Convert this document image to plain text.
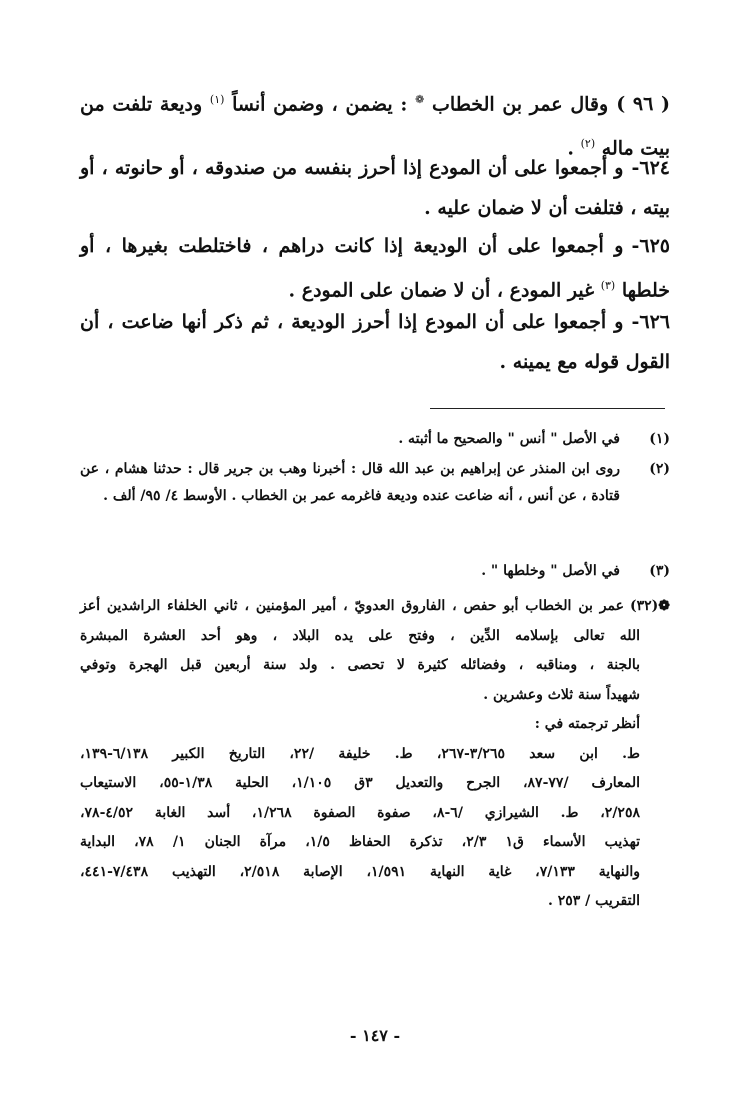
( ٩٦ )وقال عمر بن الخطاب ❁ : يضمن ، وضمن أنساً $^{(١)}$ وديعة تلفت من بيت ماله $^{(٢)}$ .
٦٢٤-و أجمعوا على أن المودع إذا أحرز بنفسه من صندوقه ، أو حانوته ، أو بيته ، فتلفت أن لا ضمان عليه .
٦٢٥-و أجمعوا على أن الوديعة إذا كانت دراهم ، فاختلطت بغيرها ، أو خلطها $^{(٣)}$ غير المودع ، أن لا ضمان على المودع .
٦٢٦-و أجمعوا على أن المودع إذا أحرز الوديعة ، ثم ذكر أنها ضاعت ، أن القول قوله مع يمينه .
(١)
في الأصل " أنس " والصحيح ما أثبته .
(٢)
روى ابن المنذر عن إبراهيم بن عبد الله قال : أخبرنا وهب بن جرير قال : حدثنا هشام ، عن قتادة ، عن أنس ، أنه ضاعت عنده وديعة فاغرمه عمر بن الخطاب . الأوسط ٤/ ٩٥/ ألف .
(٣)
في الأصل " وخلطها " .
❁(٣٢)عمر بن الخطاب أبو حفص ، الفاروق العدويّ ، أمير المؤمنين ، ثاني الخلفاء الراشدين أعز
الله تعالى بإسلامه الدِّين ، وفتح على يده البلاد ، وهو أحد العشرة المبشرة
بالجنة ، ومناقبه ، وفضائله كثيرة لا تحصى . ولد سنة أربعين قبل الهجرة وتوفي
شهيداً سنة ثلاث وعشرين .
أنظر ترجمته في :
ط. ابن سعد ٣/٢٦٥-٢٦٧، ط. خليفة /٢٢، التاريخ الكبير ٦/١٣٨-١٣٩،
المعارف /٧٧-٨٧، الجرح والتعديل ٣ق ١/١٠٥، الحلية ١/٣٨-٥٥، الاستيعاب
٢/٢٥٨، ط. الشيرازي /٦-٨، صفوة الصفوة ١/٢٦٨، أسد الغابة ٤/٥٢-٧٨،
تهذيب الأسماء ق١ ٢/٣، تذكرة الحفاظ ١/٥، مرآة الجنان ١/ ٧٨، البداية
والنهاية ٧/١٣٣، غاية النهاية ١/٥٩١، الإصابة ٢/٥١٨، التهذيب ٧/٤٣٨-٤٤١،
التقريب / ٢٥٣ .
- ١٤٧ -
